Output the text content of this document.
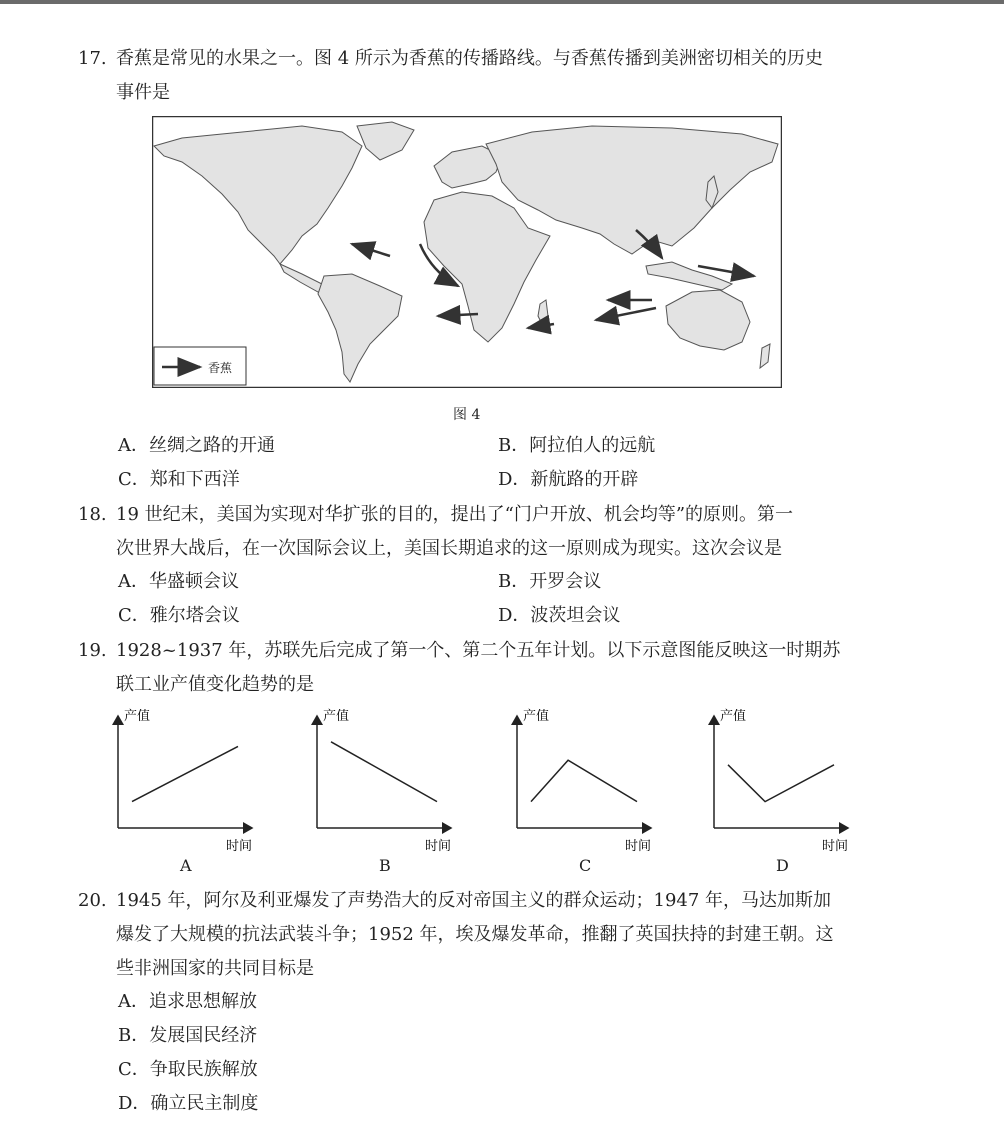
17. 香蕉是常见的水果之一。图 4 所示为香蕉的传播路线。与香蕉传播到美洲密切相关的历史
事件是
香蕉
图 4
A．丝绸之路的开通	B．阿拉伯人的远航
C．郑和下西洋	D．新航路的开辟
18. 19 世纪末，美国为实现对华扩张的目的，提出了“门户开放、机会均等”的原则。第一
次世界大战后，在一次国际会议上，美国长期追求的这一原则成为现实。这次会议是
A．华盛顿会议	B．开罗会议
C．雅尔塔会议	D．波茨坦会议
19. 1928~1937 年，苏联先后完成了第一个、第二个五年计划。以下示意图能反映这一时期苏
联工业产值变化趋势的是
产值
时间
A
产值
时间
B
产值
时间
C
产值
时间
D
20. 1945 年，阿尔及利亚爆发了声势浩大的反对帝国主义的群众运动；1947 年，马达加斯加
爆发了大规模的抗法武装斗争；1952 年，埃及爆发革命，推翻了英国扶持的封建王朝。这
些非洲国家的共同目标是
A．追求思想解放
B．发展国民经济
C．争取民族解放
D．确立民主制度
